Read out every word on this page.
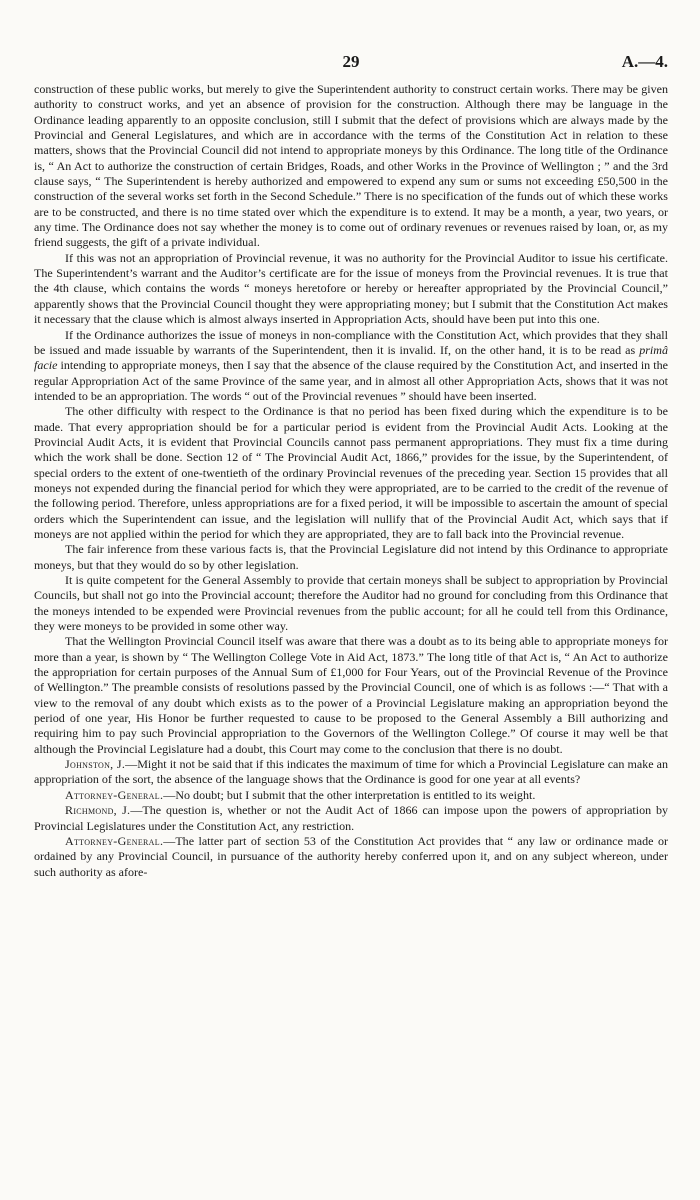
29	A.—4.

construction of these public works, but merely to give the Superintendent authority to construct certain works. There may be given authority to construct works, and yet an absence of provision for the construction. Although there may be language in the Ordinance leading apparently to an opposite conclusion, still I submit that the defect of provisions which are always made by the Provincial and General Legislatures, and which are in accordance with the terms of the Constitution Act in relation to these matters, shows that the Provincial Council did not intend to appropriate moneys by this Ordinance. The long title of the Ordinance is, “ An Act to authorize the construction of certain Bridges, Roads, and other Works in the Province of Wellington ; ” and the 3rd clause says, “ The Superintendent is hereby authorized and empowered to expend any sum or sums not exceeding £50,500 in the construction of the several works set forth in the Second Schedule.” There is no specification of the funds out of which these works are to be constructed, and there is no time stated over which the expenditure is to extend. It may be a month, a year, two years, or any time. The Ordinance does not say whether the money is to come out of ordinary revenues or revenues raised by loan, or, as my friend suggests, the gift of a private individual.

If this was not an appropriation of Provincial revenue, it was no authority for the Provincial Auditor to issue his certificate. The Superintendent’s warrant and the Auditor’s certificate are for the issue of moneys from the Provincial revenues. It is true that the 4th clause, which contains the words “ moneys heretofore or hereby or hereafter appropriated by the Provincial Council,” apparently shows that the Provincial Council thought they were appropriating money; but I submit that the Constitution Act makes it necessary that the clause which is almost always inserted in Appropriation Acts, should have been put into this one.

If the Ordinance authorizes the issue of moneys in non-compliance with the Constitution Act, which provides that they shall be issued and made issuable by warrants of the Superintendent, then it is invalid. If, on the other hand, it is to be read as primâ facie intending to appropriate moneys, then I say that the absence of the clause required by the Constitution Act, and inserted in the regular Appropriation Act of the same Province of the same year, and in almost all other Appropriation Acts, shows that it was not intended to be an appropriation. The words “ out of the Provincial revenues ” should have been inserted.

The other difficulty with respect to the Ordinance is that no period has been fixed during which the expenditure is to be made. That every appropriation should be for a particular period is evident from the Provincial Audit Acts. Looking at the Provincial Audit Acts, it is evident that Provincial Councils cannot pass permanent appropriations. They must fix a time during which the work shall be done. Section 12 of “ The Provincial Audit Act, 1866,” provides for the issue, by the Superintendent, of special orders to the extent of one-twentieth of the ordinary Provincial revenues of the preceding year. Section 15 provides that all moneys not expended during the financial period for which they were appropriated, are to be carried to the credit of the revenue of the following period. Therefore, unless appropriations are for a fixed period, it will be impossible to ascertain the amount of special orders which the Superintendent can issue, and the legislation will nullify that of the Provincial Audit Act, which says that if moneys are not applied within the period for which they are appropriated, they are to fall back into the Provincial revenue.

The fair inference from these various facts is, that the Provincial Legislature did not intend by this Ordinance to appropriate moneys, but that they would do so by other legislation.

It is quite competent for the General Assembly to provide that certain moneys shall be subject to appropriation by Provincial Councils, but shall not go into the Provincial account; therefore the Auditor had no ground for concluding from this Ordinance that the moneys intended to be expended were Provincial revenues from the public account; for all he could tell from this Ordinance, they were moneys to be provided in some other way.

That the Wellington Provincial Council itself was aware that there was a doubt as to its being able to appropriate moneys for more than a year, is shown by “ The Wellington College Vote in Aid Act, 1873.” The long title of that Act is, “ An Act to authorize the appropriation for certain purposes of the Annual Sum of £1,000 for Four Years, out of the Provincial Revenue of the Province of Wellington.” The preamble consists of resolutions passed by the Provincial Council, one of which is as follows :—“ That with a view to the removal of any doubt which exists as to the power of a Provincial Legislature making an appropriation beyond the period of one year, His Honor be further requested to cause to be proposed to the General Assembly a Bill authorizing and requiring him to pay such Provincial appropriation to the Governors of the Wellington College.” Of course it may well be that although the Provincial Legislature had a doubt, this Court may come to the conclusion that there is no doubt.

Johnston, J.—Might it not be said that if this indicates the maximum of time for which a Provincial Legislature can make an appropriation of the sort, the absence of the language shows that the Ordinance is good for one year at all events?

Attorney-General.—No doubt; but I submit that the other interpretation is entitled to its weight.

Richmond, J.—The question is, whether or not the Audit Act of 1866 can impose upon the powers of appropriation by Provincial Legislatures under the Constitution Act, any restriction.

Attorney-General.—The latter part of section 53 of the Constitution Act provides that “ any law or ordinance made or ordained by any Provincial Council, in pursuance of the authority hereby conferred upon it, and on any subject whereon, under such authority as afore-
